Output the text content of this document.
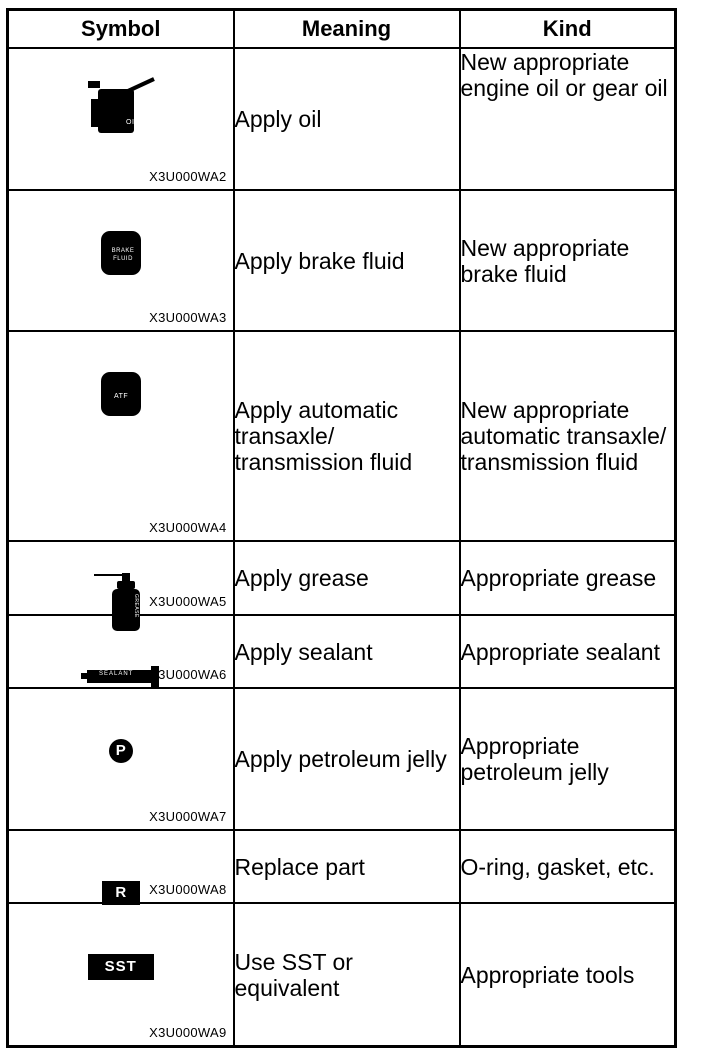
Symbol	Meaning	Kind

OIL
X3U000WA2	Apply oil	New appropriate engine oil or gear oil

BRAKE FLUID
X3U000WA3	Apply brake fluid	New appropriate brake fluid

ATF
X3U000WA4	Apply automatic transaxle/ transmission fluid	New appropriate automatic transaxle/ transmission fluid

GREASE X3U000WA5	Apply grease	Appropriate grease

SEALANT X3U000WA6	Apply sealant	Appropriate sealant

P
X3U000WA7	Apply petroleum jelly	Appropriate petroleum jelly

R X3U000WA8	Replace part	O-ring, gasket, etc.

SST
X3U000WA9	Use SST or equivalent	Appropriate tools
